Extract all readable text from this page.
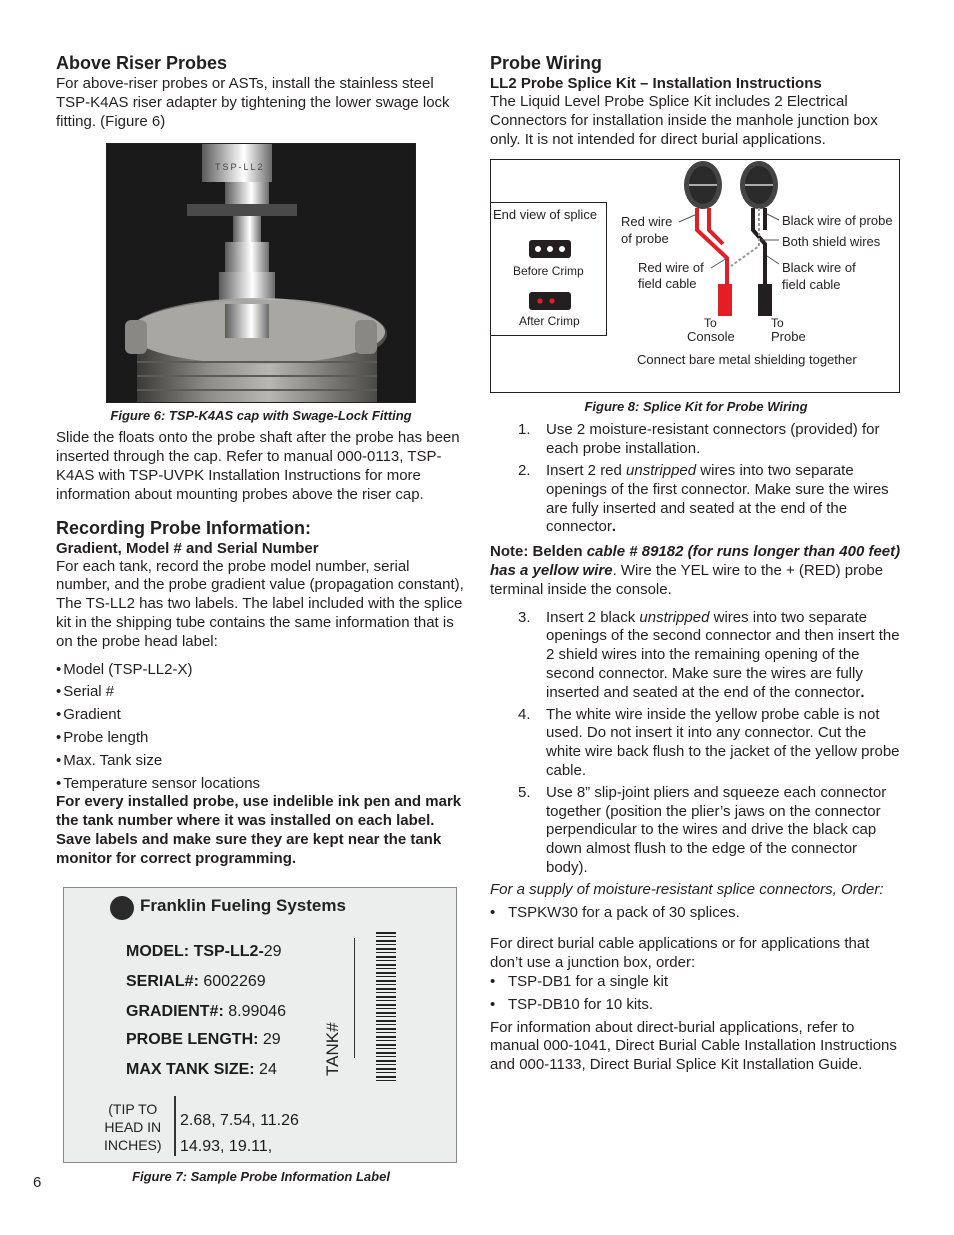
Above Riser Probes

For above-riser probes or ASTs, install the stainless steel TSP-K4AS riser adapter by tightening the lower swage lock fitting. (Figure 6)

TSP-LL2
Figure 6: TSP-K4AS cap with Swage-Lock Fitting

Slide the floats onto the probe shaft after the probe has been inserted through the cap. Refer to manual 000-0113, TSP-K4AS with TSP-UVPK Installation Instructions for more information about mounting probes above the riser cap.

Recording Probe Information:
Gradient, Model # and Serial Number

For each tank, record the probe model number, serial number, and the probe gradient value (propagation constant), The TS-LL2 has two labels. The label included with the splice kit in the shipping tube contains the same information that is on the probe head label:

• Model (TSP-LL2-X)
• Serial #
• Gradient
• Probe length
• Max. Tank size
• Temperature sensor locations

For every installed probe, use indelible ink pen and mark the tank number where it was installed on each label. Save labels and make sure they are kept near the tank monitor for correct programming.

Franklin Fueling Systems
MODEL: TSP-LL2-29
SERIAL#: 6002269
GRADIENT#: 8.99046
PROBE LENGTH: 29
MAX TANK SIZE: 24
(TIP TO
HEAD IN
INCHES)
2.68, 7.54, 11.26
14.93, 19.11,
TANK#
Figure 7: Sample Probe Information Label
Probe Wiring
LL2 Probe Splice Kit – Installation Instructions

The Liquid Level Probe Splice Kit includes 2 Electrical Connectors for installation inside the manhole junction box only. It is not intended for direct burial applications.

End view of splice
Before Crimp
After Crimp
Red wire
of probe
Red wire of
field cable
Black wire of probe
Both shield wires
Black wire of
field cable
To
Console
To
Probe
Connect bare metal shielding together
Figure 8: Splice Kit for Probe Wiring
1. Use 2 moisture-resistant connectors (provided) for each probe installation.
2. Insert 2 red unstripped wires into two separate openings of the first connector. Make sure the wires are fully inserted and seated at the end of the connector.

Note: Belden cable # 89182 (for runs longer than 400 feet) has a yellow wire. Wire the YEL wire to the + (RED) probe terminal inside the console.

3. Insert 2 black unstripped wires into two separate openings of the second connector and then insert the 2 shield wires into the remaining opening of the second connector. Make sure the wires are fully inserted and seated at the end of the connector.
4. The white wire inside the yellow probe cable is not used. Do not insert it into any connector. Cut the white wire back flush to the jacket of the yellow probe cable.
5. Use 8” slip-joint pliers and squeeze each connector together (position the plier’s jaws on the connector perpendicular to the wires and drive the black cap down almost flush to the edge of the connector body).

For a supply of moisture-resistant splice connectors, Order:

• TSPKW30 for a pack of 30 splices.

For direct burial cable applications or for applications that don’t use a junction box, order:

• TSP-DB1 for a single kit
• TSP-DB10 for 10 kits.

For information about direct-burial applications, refer to manual 000-1041, Direct Burial Cable Installation Instructions and 000-1133, Direct Burial Splice Kit Installation Guide.

6
